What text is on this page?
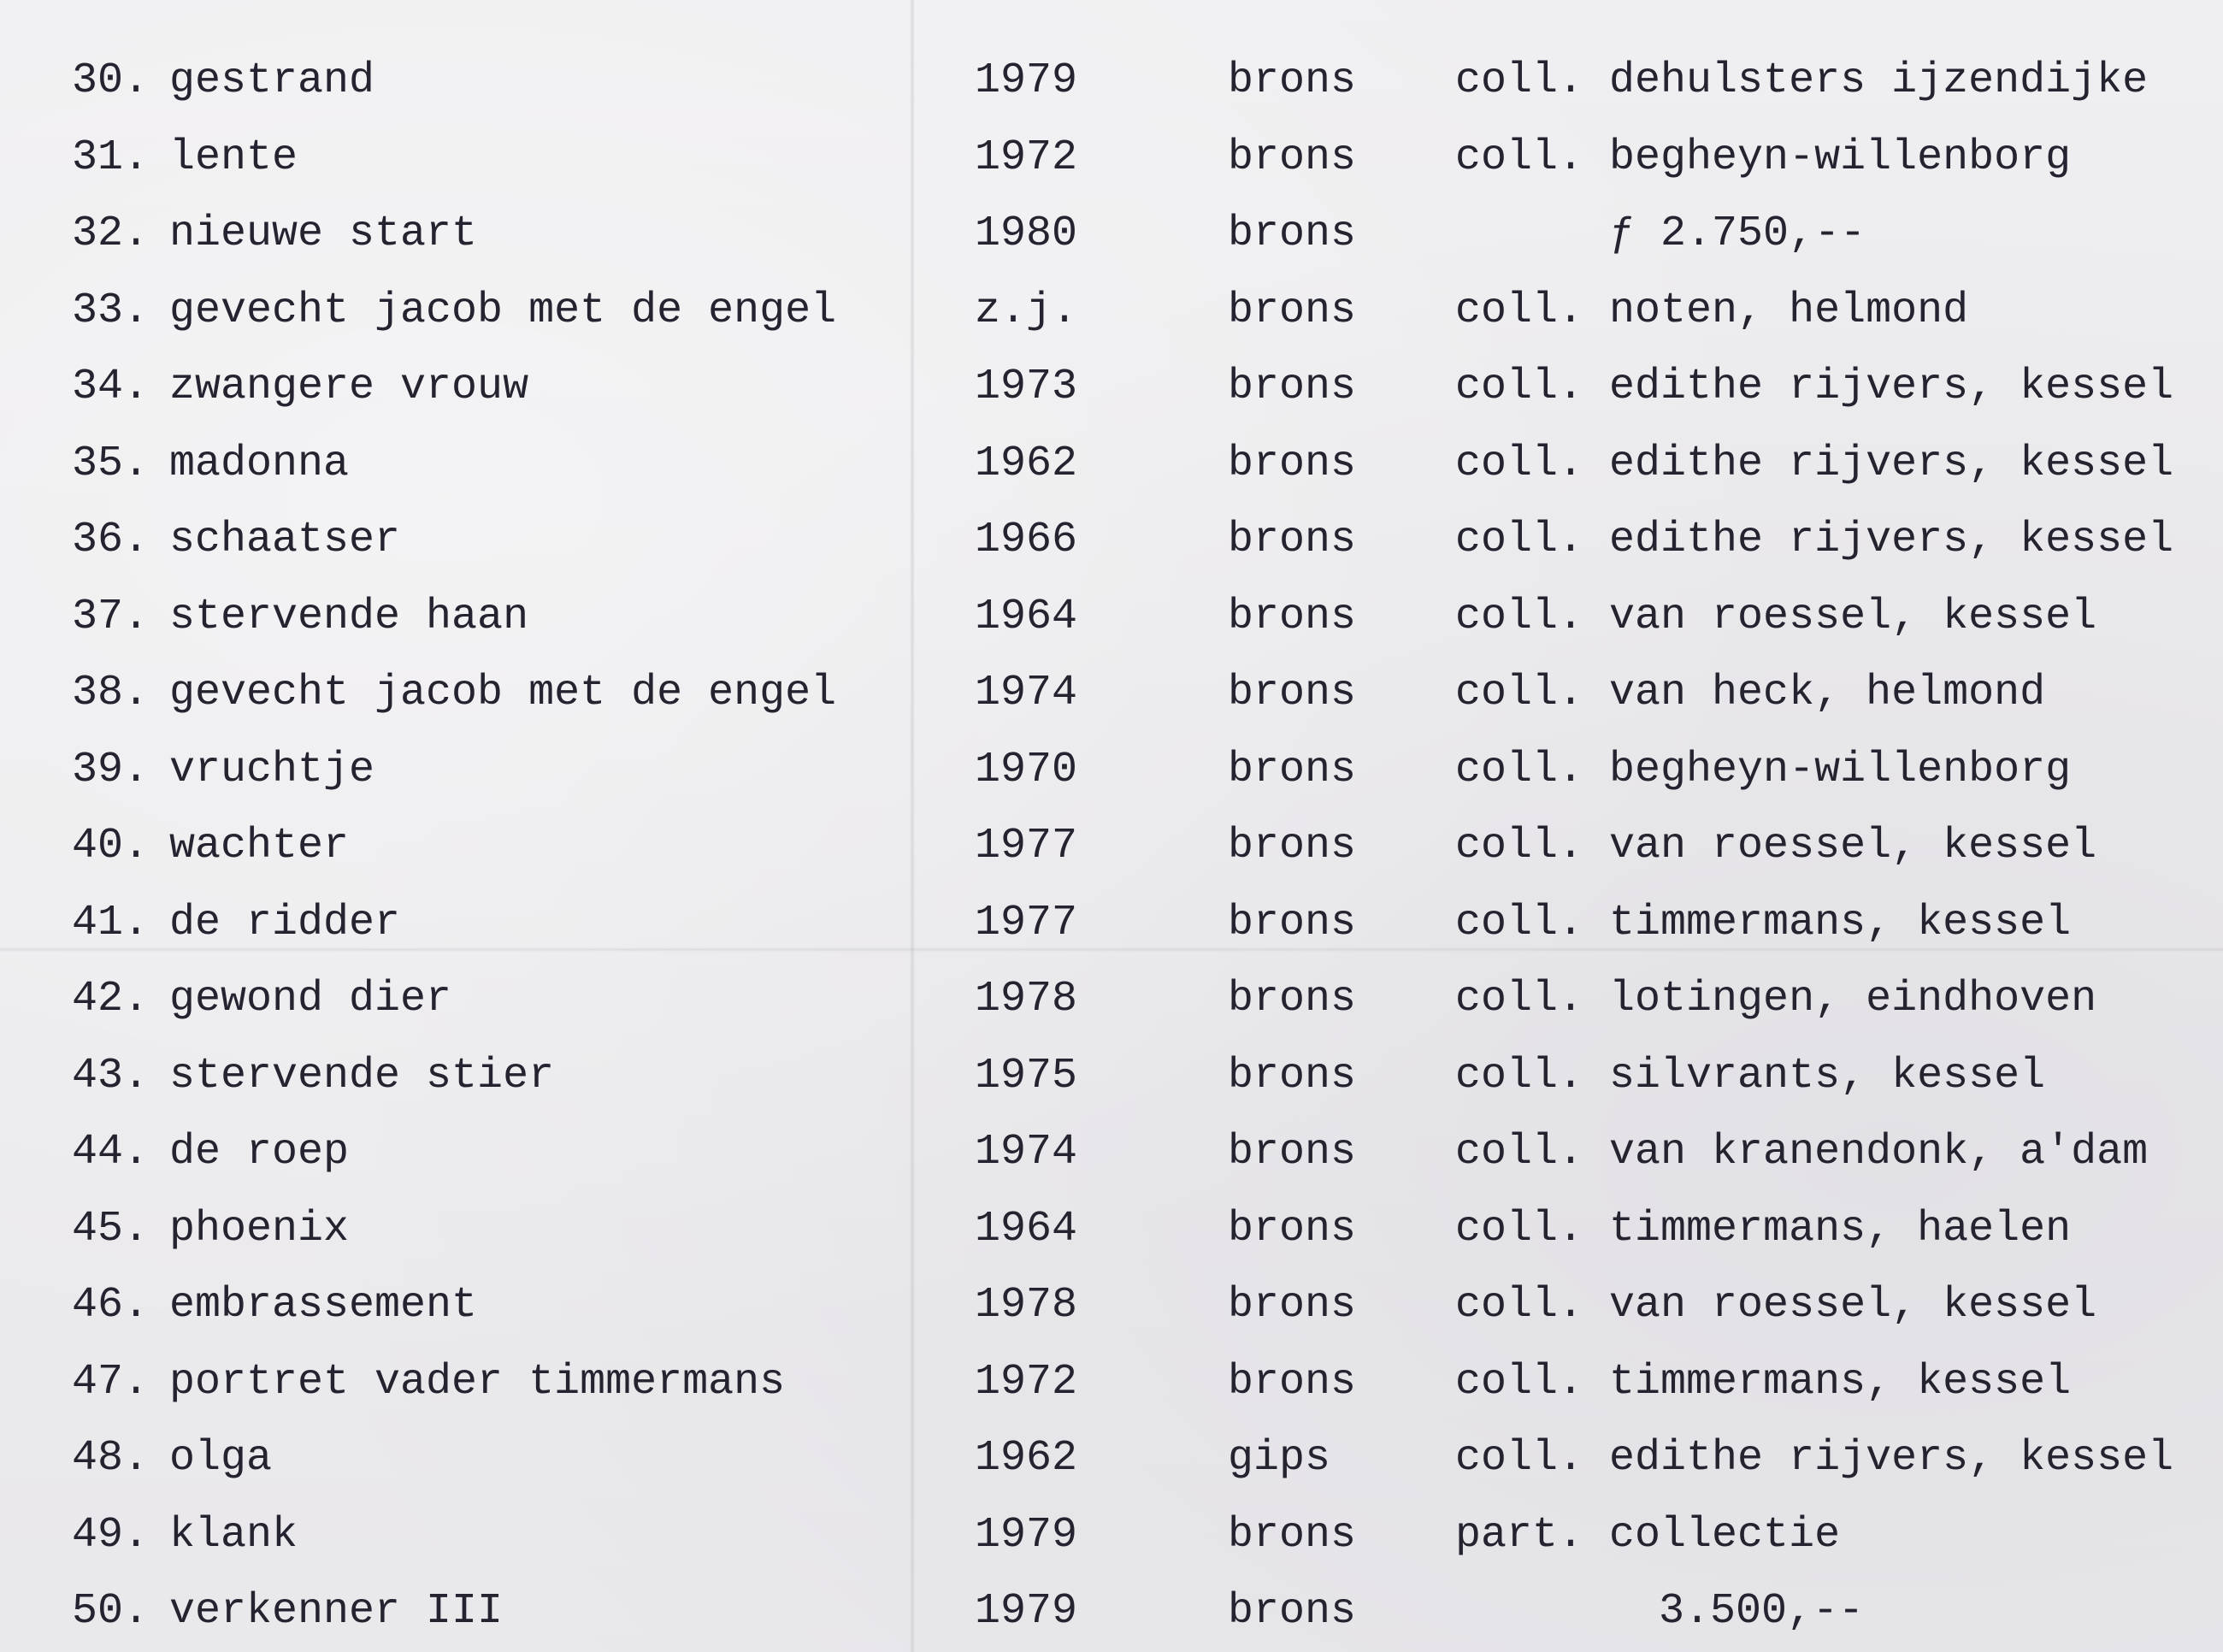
30. gestrand	1979	brons coll. dehulsters ijzendijke
31. lente	1972	brons coll. begheyn-willenborg
32. nieuwe start	1980	brons	ƒ 2.750,--
33. gevecht jacob met de engel	z.j.	brons coll. noten, helmond
34. zwangere vrouw	1973	brons coll. edithe rijvers, kessel
35. madonna	1962	brons coll. edithe rijvers, kessel
36. schaatser	1966	brons coll. edithe rijvers, kessel
37. stervende haan	1964	brons coll. van roessel, kessel
38. gevecht jacob met de engel	1974	brons coll. van heck, helmond
39. vruchtje	1970	brons coll. begheyn-willenborg
40. wachter	1977	brons coll. van roessel, kessel
41. de ridder	1977	brons coll. timmermans, kessel
42. gewond dier	1978	brons coll. lotingen, eindhoven
43. stervende stier	1975	brons coll. silvrants, kessel
44. de roep	1974	brons coll. van kranendonk, a'dam
45. phoenix	1964	brons coll. timmermans, haelen
46. embrassement	1978	brons coll. van roessel, kessel
47. portret vader timmermans	1972	brons coll. timmermans, kessel
48. olga	1962	gips	coll. edithe rijvers, kessel
49. klank	1979	brons part. collectie
50. verkenner III	1979	brons	3.500,--
